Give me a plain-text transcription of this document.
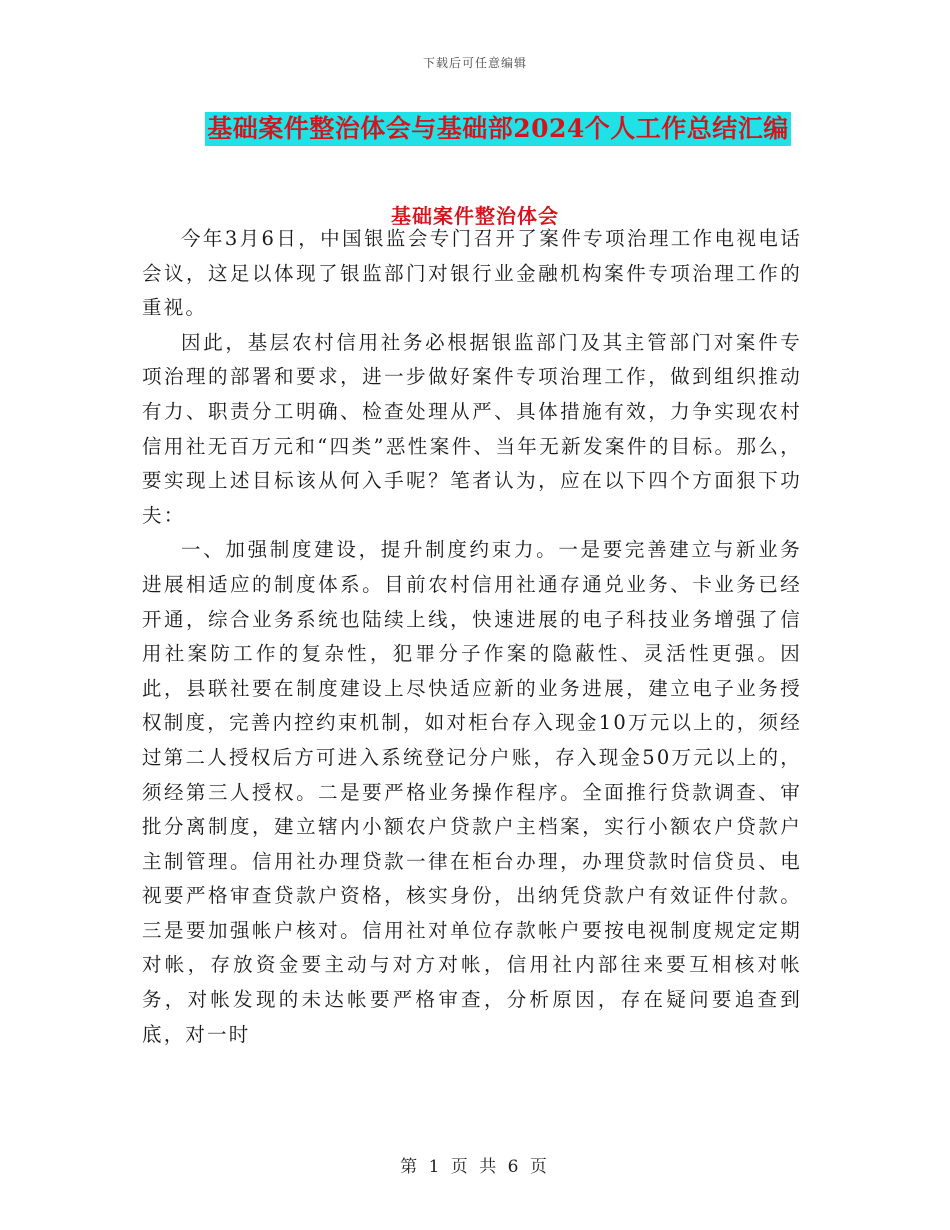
下载后可任意编辑
基础案件整治体会与基础部2024个人工作总结汇编
基础案件整治体会

今年3月6日，中国银监会专门召开了案件专项治理工作电视电话会议，这足以体现了银监部门对银行业金融机构案件专项治理工作的重视。

因此，基层农村信用社务必根据银监部门及其主管部门对案件专项治理的部署和要求，进一步做好案件专项治理工作，做到组织推动有力、职责分工明确、检查处理从严、具体措施有效，力争实现农村信用社无百万元和“四类”恶性案件、当年无新发案件的目标。那么，要实现上述目标该从何入手呢？笔者认为，应在以下四个方面狠下功夫：

一、加强制度建设，提升制度约束力。一是要完善建立与新业务进展相适应的制度体系。目前农村信用社通存通兑业务、卡业务已经开通，综合业务系统也陆续上线，快速进展的电子科技业务增强了信用社案防工作的复杂性，犯罪分子作案的隐蔽性、灵活性更强。因此，县联社要在制度建设上尽快适应新的业务进展，建立电子业务授权制度，完善内控约束机制，如对柜台存入现金10万元以上的，须经过第二人授权后方可进入系统登记分户账，存入现金50万元以上的，须经第三人授权。二是要严格业务操作程序。全面推行贷款调查、审批分离制度，建立辖内小额农户贷款户主档案，实行小额农户贷款户主制管理。信用社办理贷款一律在柜台办理，办理贷款时信贷员、电视要严格审查贷款户资格，核实身份，出纳凭贷款户有效证件付款。三是要加强帐户核对。信用社对单位存款帐户要按电视制度规定定期对帐，存放资金要主动与对方对帐，信用社内部往来要互相核对帐务，对帐发现的未达帐要严格审查，分析原因，存在疑问要追查到底，对一时

第 1 页 共 6 页
